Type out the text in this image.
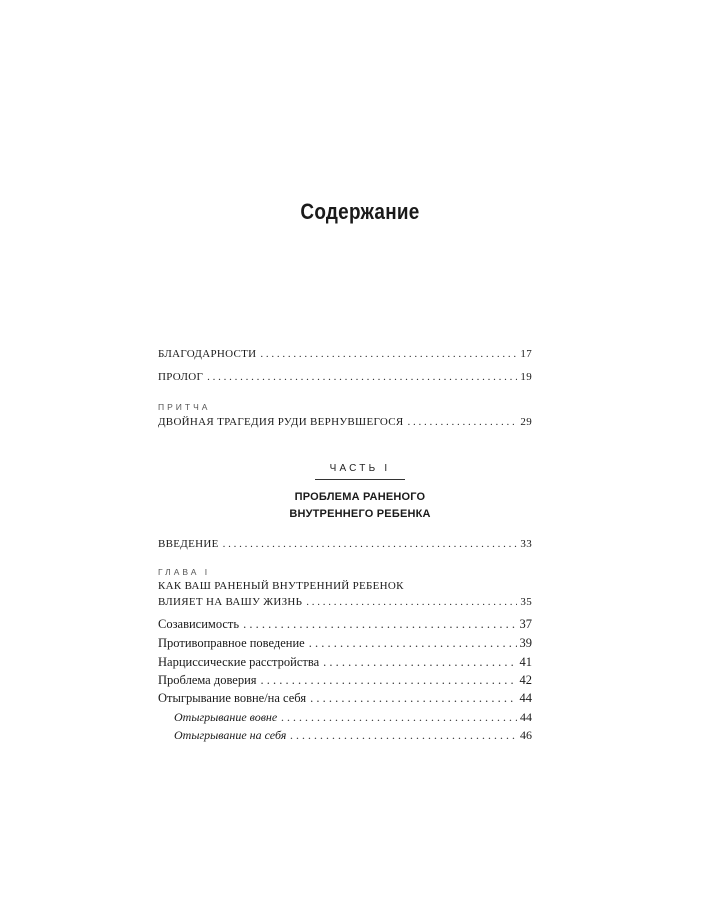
Содержание
БЛАГОДАРНОСТИ . . .	17
ПРОЛОГ . . .	19
ПРИТЧА
ДВОЙНАЯ ТРАГЕДИЯ РУДИ ВЕРНУВШЕГОСЯ . . .	29
ЧАСТЬ I
ПРОБЛЕМА РАНЕНОГО
ВНУТРЕННЕГО РЕБЕНКА
ВВЕДЕНИЕ . . .	33
ГЛАВА I
КАК ВАШ РАНЕНЫЙ ВНУТРЕННИЙ РЕБЕНОК
ВЛИЯЕТ НА ВАШУ ЖИЗНЬ . . .	35
Созависимость . . .	37
Противоправное поведение . . .	39
Нарциссические расстройства . . .	41
Проблема доверия . . .	42
Отыгрывание вовне/на себя . . .	44
Отыгрывание вовне . . .	44
Отыгрывание на себя . . .	46
